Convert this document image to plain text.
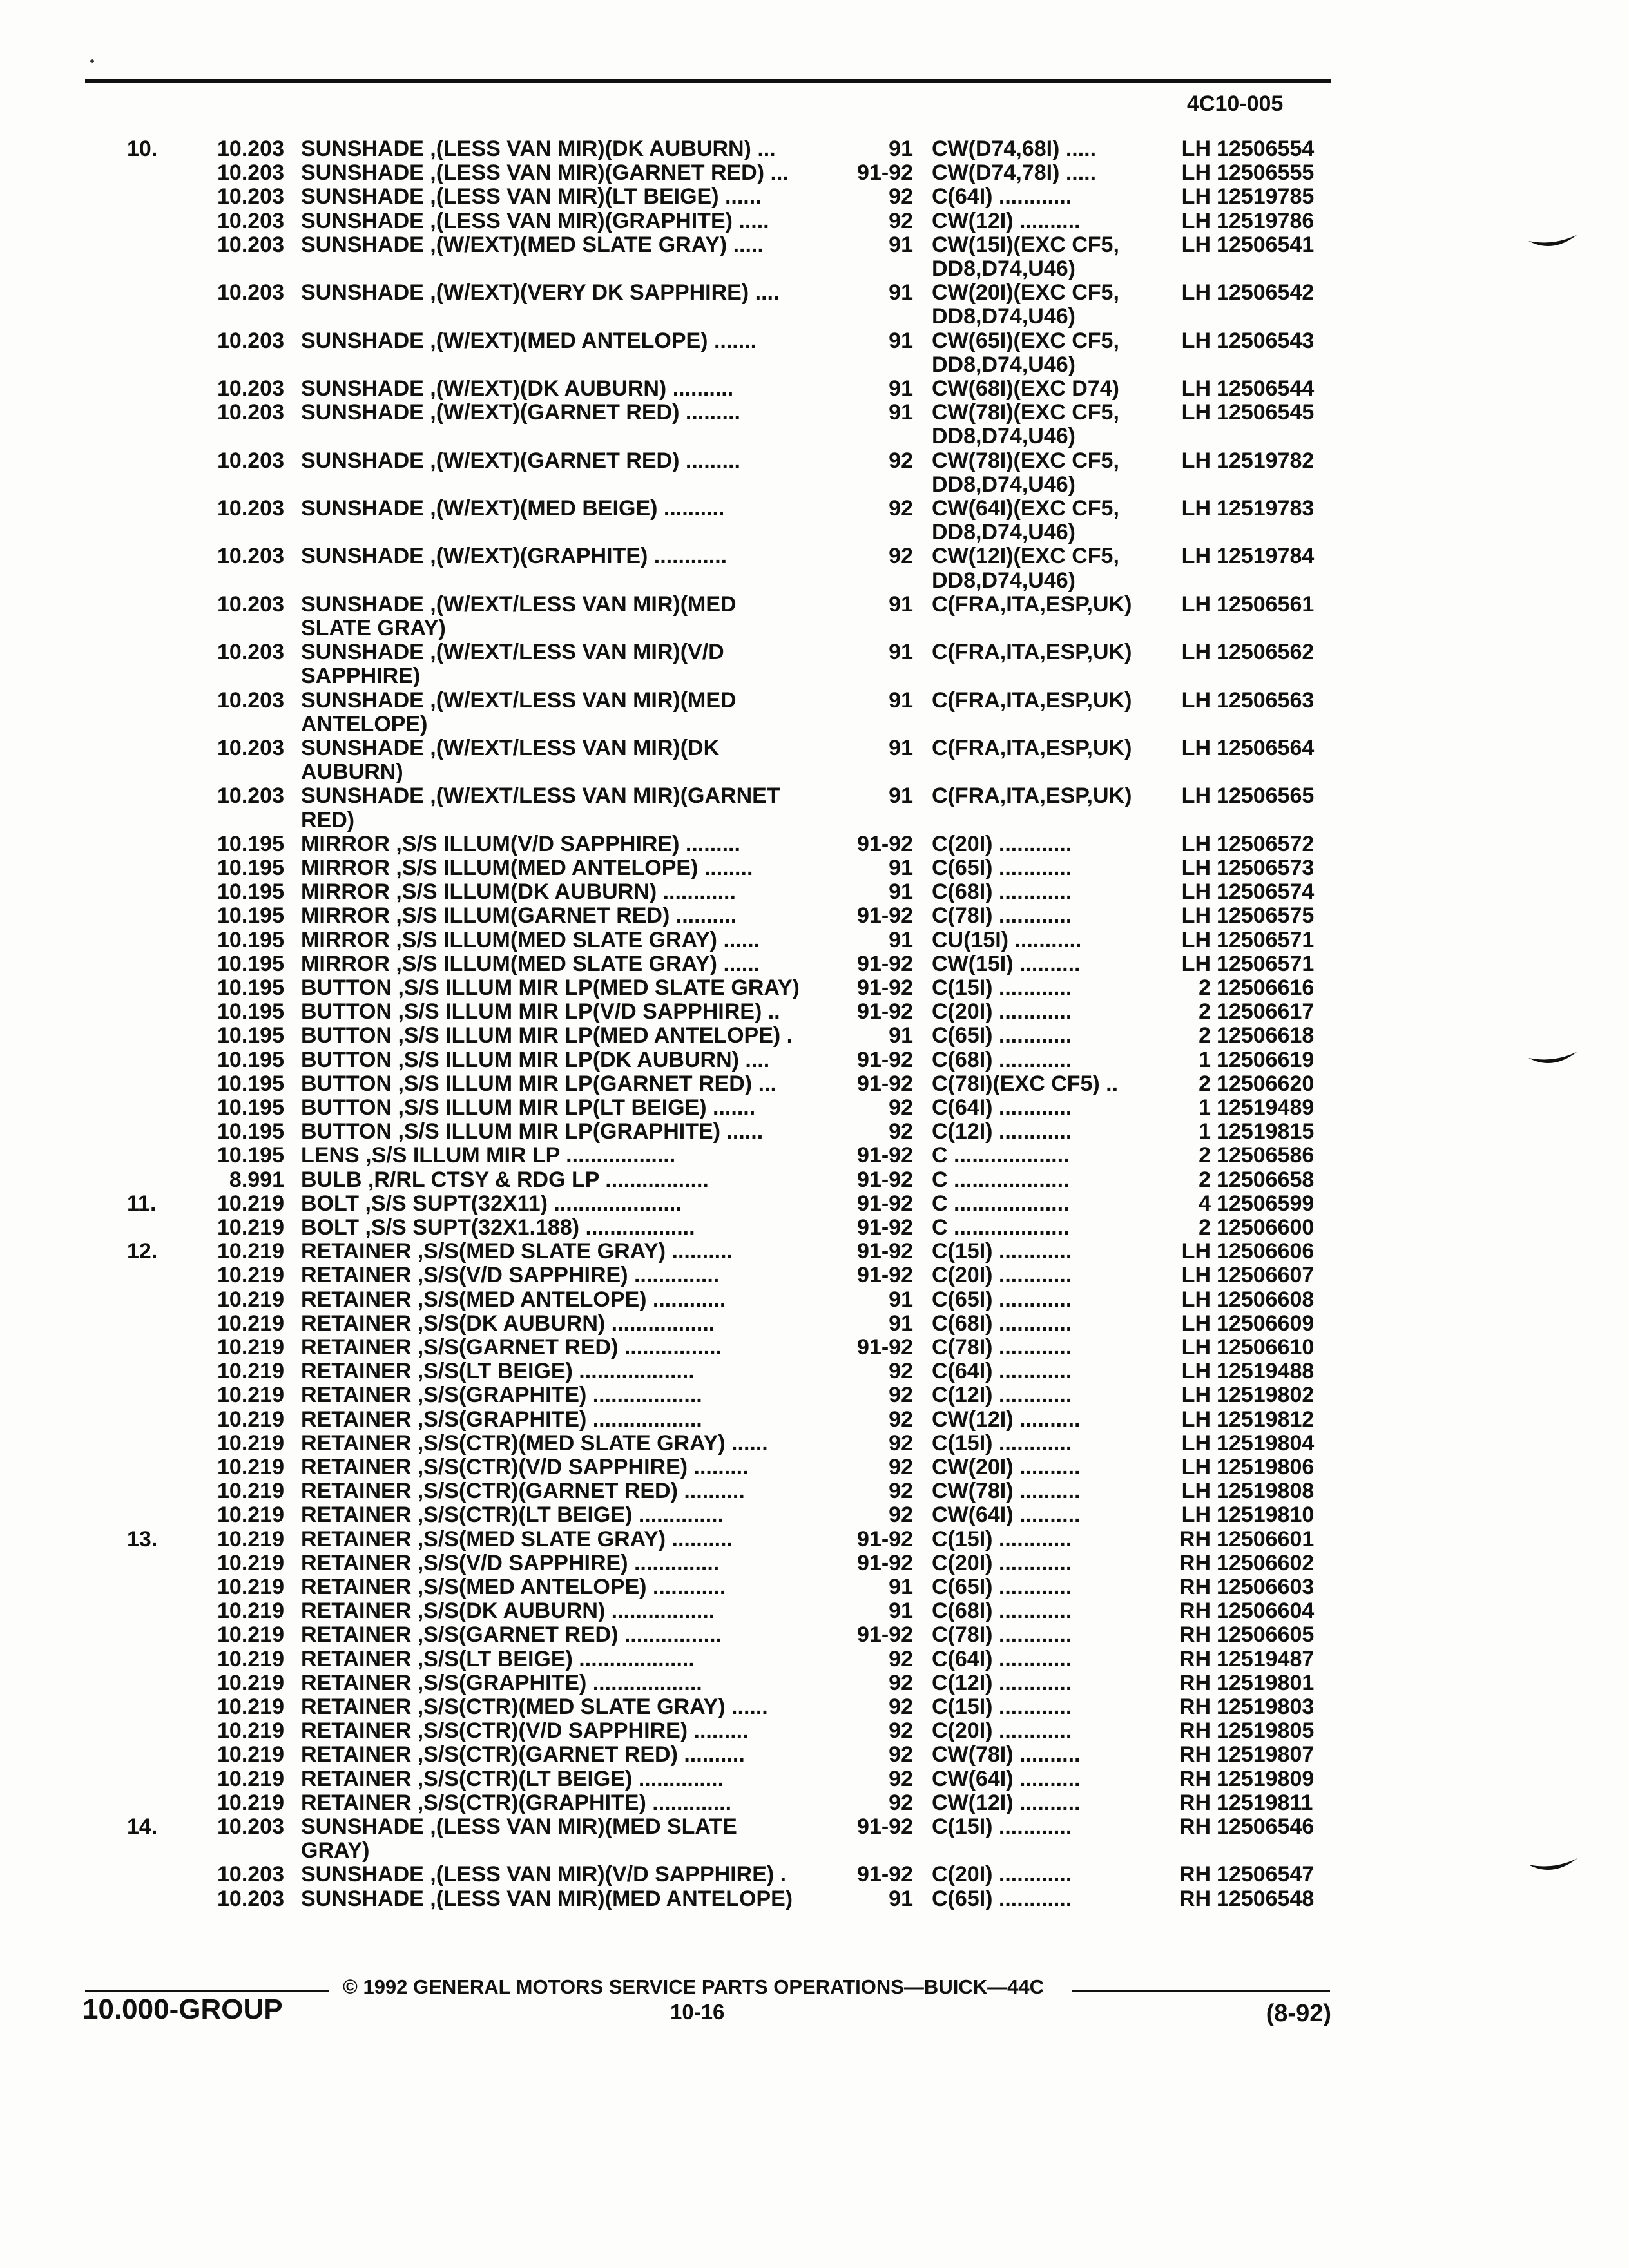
4C10-005
10.	10.203 SUNSHADE ,(LESS VAN MIR)(DK AUBURN) ...	91 CW(D74,68I) .....	LH 12506554
10.203 SUNSHADE ,(LESS VAN MIR)(GARNET RED) ...	91-92 CW(D74,78I) .....	LH 12506555
10.203 SUNSHADE ,(LESS VAN MIR)(LT BEIGE) ......	92 C(64I) ............	LH 12519785
10.203 SUNSHADE ,(LESS VAN MIR)(GRAPHITE) .....	92 CW(12I) ..........	LH 12519786
10.203 SUNSHADE ,(W/EXT)(MED SLATE GRAY) .....	91 CW(15I)(EXC CF5,	LH 12506541
DD8,D74,U46)
10.203 SUNSHADE ,(W/EXT)(VERY DK SAPPHIRE) ....	91 CW(20I)(EXC CF5,	LH 12506542
DD8,D74,U46)
10.203 SUNSHADE ,(W/EXT)(MED ANTELOPE) .......	91 CW(65I)(EXC CF5,	LH 12506543
DD8,D74,U46)
10.203 SUNSHADE ,(W/EXT)(DK AUBURN) ..........	91 CW(68I)(EXC D74)	LH 12506544
10.203 SUNSHADE ,(W/EXT)(GARNET RED) .........	91 CW(78I)(EXC CF5,	LH 12506545
DD8,D74,U46)
10.203 SUNSHADE ,(W/EXT)(GARNET RED) .........	92 CW(78I)(EXC CF5,	LH 12519782
DD8,D74,U46)
10.203 SUNSHADE ,(W/EXT)(MED BEIGE) ..........	92 CW(64I)(EXC CF5,	LH 12519783
DD8,D74,U46)
10.203 SUNSHADE ,(W/EXT)(GRAPHITE) ............	92 CW(12I)(EXC CF5,	LH 12519784
DD8,D74,U46)
10.203 SUNSHADE ,(W/EXT/LESS VAN MIR)(MED	91 C(FRA,ITA,ESP,UK) LH 12506561
SLATE GRAY)
10.203 SUNSHADE ,(W/EXT/LESS VAN MIR)(V/D	91 C(FRA,ITA,ESP,UK) LH 12506562
SAPPHIRE)
10.203 SUNSHADE ,(W/EXT/LESS VAN MIR)(MED	91 C(FRA,ITA,ESP,UK) LH 12506563
ANTELOPE)
10.203 SUNSHADE ,(W/EXT/LESS VAN MIR)(DK	91 C(FRA,ITA,ESP,UK) LH 12506564
AUBURN)
10.203 SUNSHADE ,(W/EXT/LESS VAN MIR)(GARNET	91 C(FRA,ITA,ESP,UK) LH 12506565
RED)
10.195 MIRROR ,S/S ILLUM(V/D SAPPHIRE) .........	91-92 C(20I) ............	LH 12506572
10.195 MIRROR ,S/S ILLUM(MED ANTELOPE) ........	91 C(65I) ............	LH 12506573
10.195 MIRROR ,S/S ILLUM(DK AUBURN) ............	91 C(68I) ............	LH 12506574
10.195 MIRROR ,S/S ILLUM(GARNET RED) ..........	91-92 C(78I) ............	LH 12506575
10.195 MIRROR ,S/S ILLUM(MED SLATE GRAY) ......	91 CU(15I) ...........	LH 12506571
10.195 MIRROR ,S/S ILLUM(MED SLATE GRAY) ......	91-92 CW(15I) ..........	LH 12506571
10.195 BUTTON ,S/S ILLUM MIR LP(MED SLATE GRAY)	91-92 C(15I) ............	2 12506616
10.195 BUTTON ,S/S ILLUM MIR LP(V/D SAPPHIRE) ..	91-92 C(20I) ............	2 12506617
10.195 BUTTON ,S/S ILLUM MIR LP(MED ANTELOPE) .	91 C(65I) ............	2 12506618
10.195 BUTTON ,S/S ILLUM MIR LP(DK AUBURN) ....	91-92 C(68I) ............	1 12506619
10.195 BUTTON ,S/S ILLUM MIR LP(GARNET RED) ...	91-92 C(78I)(EXC CF5) ..	2 12506620
10.195 BUTTON ,S/S ILLUM MIR LP(LT BEIGE) .......	92 C(64I) ............	1 12519489
10.195 BUTTON ,S/S ILLUM MIR LP(GRAPHITE) ......	92 C(12I) ............	1 12519815
10.195 LENS ,S/S ILLUM MIR LP ..................	91-92 C ...................	2 12506586
8.991 BULB ,R/RL CTSY & RDG LP .................	91-92 C ...................	2 12506658
11.	10.219 BOLT ,S/S SUPT(32X11) .....................	91-92 C ...................	4 12506599
10.219 BOLT ,S/S SUPT(32X1.188) ..................	91-92 C ...................	2 12506600
12.	10.219 RETAINER ,S/S(MED SLATE GRAY) ..........	91-92 C(15I) ............	LH 12506606
10.219 RETAINER ,S/S(V/D SAPPHIRE) ..............	91-92 C(20I) ............	LH 12506607
10.219 RETAINER ,S/S(MED ANTELOPE) ............	91 C(65I) ............	LH 12506608
10.219 RETAINER ,S/S(DK AUBURN) .................	91 C(68I) ............	LH 12506609
10.219 RETAINER ,S/S(GARNET RED) ................	91-92 C(78I) ............	LH 12506610
10.219 RETAINER ,S/S(LT BEIGE) ...................	92 C(64I) ............	LH 12519488
10.219 RETAINER ,S/S(GRAPHITE) ..................	92 C(12I) ............	LH 12519802
10.219 RETAINER ,S/S(GRAPHITE) ..................	92 CW(12I) ..........	LH 12519812
10.219 RETAINER ,S/S(CTR)(MED SLATE GRAY) ......	92 C(15I) ............	LH 12519804
10.219 RETAINER ,S/S(CTR)(V/D SAPPHIRE) .........	92 CW(20I) ..........	LH 12519806
10.219 RETAINER ,S/S(CTR)(GARNET RED) ..........	92 CW(78I) ..........	LH 12519808
10.219 RETAINER ,S/S(CTR)(LT BEIGE) ..............	92 CW(64I) ..........	LH 12519810
13.	10.219 RETAINER ,S/S(MED SLATE GRAY) ..........	91-92 C(15I) ............	RH 12506601
10.219 RETAINER ,S/S(V/D SAPPHIRE) ..............	91-92 C(20I) ............	RH 12506602
10.219 RETAINER ,S/S(MED ANTELOPE) ............	91 C(65I) ............	RH 12506603
10.219 RETAINER ,S/S(DK AUBURN) .................	91 C(68I) ............	RH 12506604
10.219 RETAINER ,S/S(GARNET RED) ................	91-92 C(78I) ............	RH 12506605
10.219 RETAINER ,S/S(LT BEIGE) ...................	92 C(64I) ............	RH 12519487
10.219 RETAINER ,S/S(GRAPHITE) ..................	92 C(12I) ............	RH 12519801
10.219 RETAINER ,S/S(CTR)(MED SLATE GRAY) ......	92 C(15I) ............	RH 12519803
10.219 RETAINER ,S/S(CTR)(V/D SAPPHIRE) .........	92 C(20I) ............	RH 12519805
10.219 RETAINER ,S/S(CTR)(GARNET RED) ..........	92 CW(78I) ..........	RH 12519807
10.219 RETAINER ,S/S(CTR)(LT BEIGE) ..............	92 CW(64I) ..........	RH 12519809
10.219 RETAINER ,S/S(CTR)(GRAPHITE) .............	92 CW(12I) ..........	RH 12519811
14.	10.203 SUNSHADE ,(LESS VAN MIR)(MED SLATE	91-92 C(15I) ............	RH 12506546
GRAY)
10.203 SUNSHADE ,(LESS VAN MIR)(V/D SAPPHIRE) .	91-92 C(20I) ............	RH 12506547
10.203 SUNSHADE ,(LESS VAN MIR)(MED ANTELOPE)	91 C(65I) ............	RH 12506548
© 1992 GENERAL MOTORS SERVICE PARTS OPERATIONS—BUICK—44C
10.000-GROUP	10-16	(8-92)
